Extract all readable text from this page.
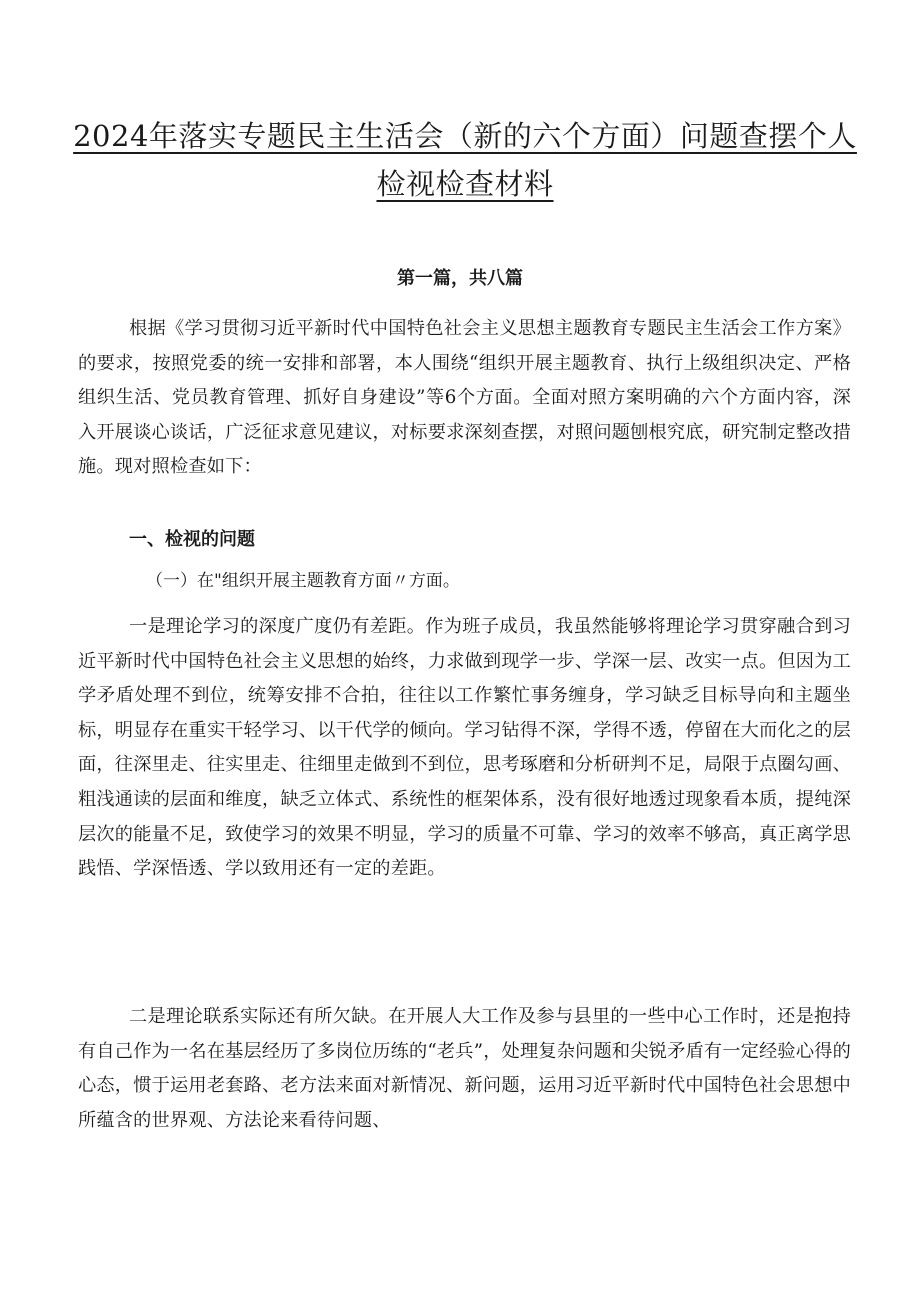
2024年落实专题民主生活会（新的六个方面）问题查摆个人检视检查材料

第一篇，共八篇

根据《学习贯彻习近平新时代中国特色社会主义思想主题教育专题民主生活会工作方案》的要求，按照党委的统一安排和部署，本人围绕“组织开展主题教育、执行上级组织决定、严格组织生活、党员教育管理、抓好自身建设”等6个方面。全面对照方案明确的六个方面内容，深入开展谈心谈话，广泛征求意见建议，对标要求深刻查摆，对照问题刨根究底，研究制定整改措施。现对照检查如下：

一、检视的问题

（一）在"组织开展主题教育方面〃方面。

一是理论学习的深度广度仍有差距。作为班子成员，我虽然能够将理论学习贯穿融合到习近平新时代中国特色社会主义思想的始终，力求做到现学一步、学深一层、改实一点。但因为工学矛盾处理不到位，统筹安排不合拍，往往以工作繁忙事务缠身，学习缺乏目标导向和主题坐标，明显存在重实干轻学习、以干代学的倾向。学习钻得不深，学得不透，停留在大而化之的层面，往深里走、往实里走、往细里走做到不到位，思考琢磨和分析研判不足，局限于点圈勾画、粗浅通读的层面和维度，缺乏立体式、系统性的框架体系，没有很好地透过现象看本质，提纯深层次的能量不足，致使学习的效果不明显，学习的质量不可靠、学习的效率不够高，真正离学思践悟、学深悟透、学以致用还有一定的差距。

二是理论联系实际还有所欠缺。在开展人大工作及参与县里的一些中心工作时，还是抱持有自己作为一名在基层经历了多岗位历练的“老兵”，处理复杂问题和尖锐矛盾有一定经验心得的心态，惯于运用老套路、老方法来面对新情况、新问题，运用习近平新时代中国特色社会思想中所蕴含的世界观、方法论来看待问题、
